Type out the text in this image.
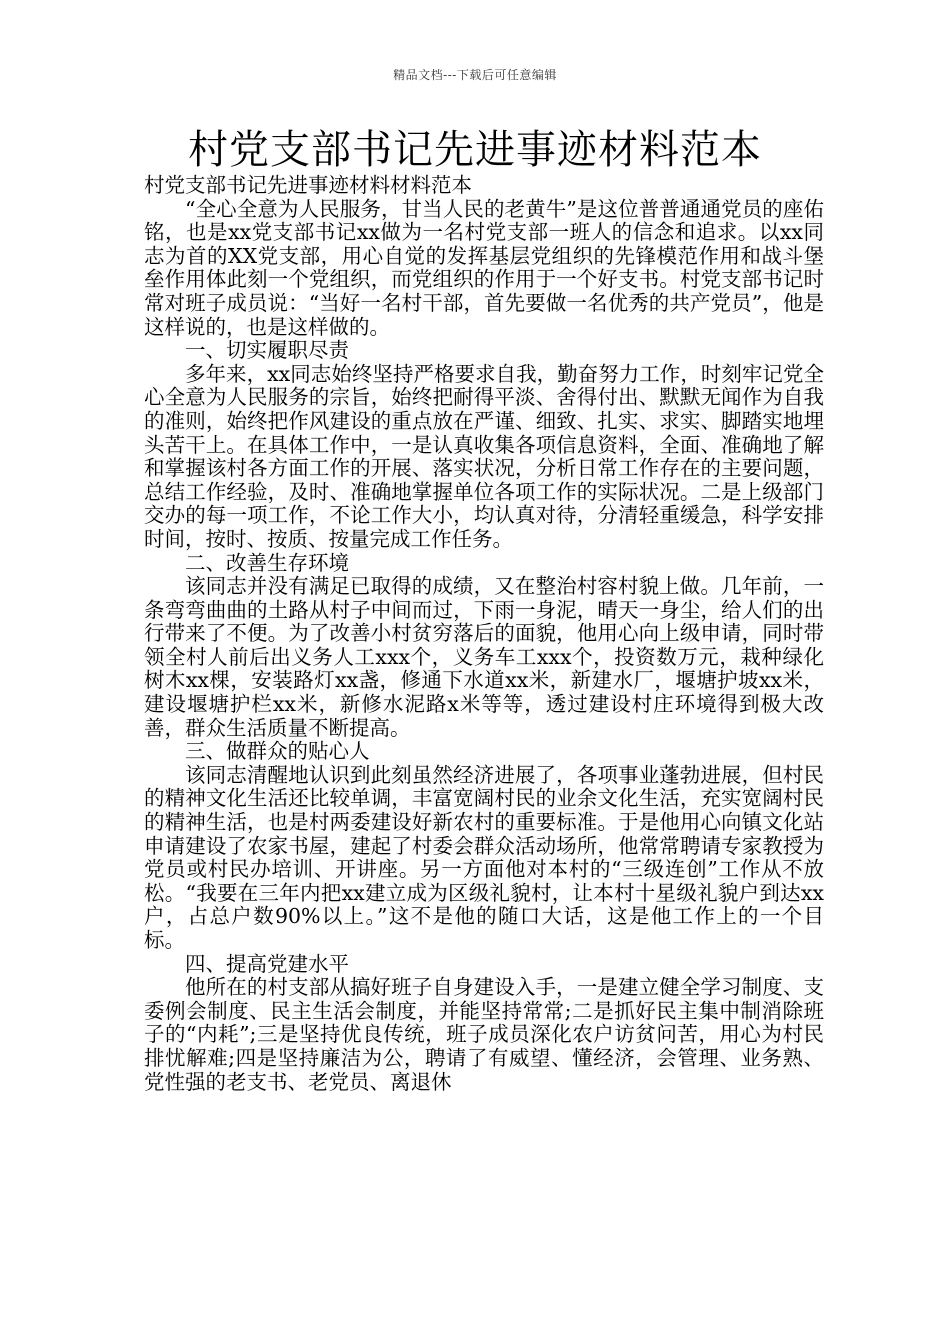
精品文档---下载后可任意编辑
村党支部书记先进事迹材料范本

村党支部书记先进事迹材料材料范本

“全心全意为人民服务，甘当人民的老黄牛”是这位普普通通党员的座佑铭，也是xx党支部书记xx做为一名村党支部一班人的信念和追求。以xx同志为首的XX党支部，用心自觉的发挥基层党组织的先锋模范作用和战斗堡垒作用体此刻一个党组织，而党组织的作用于一个好支书。村党支部书记时常对班子成员说：“当好一名村干部，首先要做一名优秀的共产党员”，他是这样说的，也是这样做的。

一、切实履职尽责

多年来，xx同志始终坚持严格要求自我，勤奋努力工作，时刻牢记党全心全意为人民服务的宗旨，始终把耐得平淡、舍得付出、默默无闻作为自我的准则，始终把作风建设的重点放在严谨、细致、扎实、求实、脚踏实地埋头苦干上。在具体工作中，一是认真收集各项信息资料，全面、准确地了解和掌握该村各方面工作的开展、落实状况，分析日常工作存在的主要问题，总结工作经验，及时、准确地掌握单位各项工作的实际状况。二是上级部门交办的每一项工作，不论工作大小，均认真对待，分清轻重缓急，科学安排时间，按时、按质、按量完成工作任务。

二、改善生存环境

该同志并没有满足已取得的成绩，又在整治村容村貌上做。几年前，一条弯弯曲曲的土路从村子中间而过，下雨一身泥，晴天一身尘，给人们的出行带来了不便。为了改善小村贫穷落后的面貌，他用心向上级申请，同时带领全村人前后出义务人工xxx个，义务车工xxx个，投资数万元，栽种绿化树木xx棵，安装路灯xx盏，修通下水道xx米，新建水厂，堰塘护坡xx米，建设堰塘护栏xx米，新修水泥路x米等等，透过建设村庄环境得到极大改善，群众生活质量不断提高。

三、做群众的贴心人

该同志清醒地认识到此刻虽然经济进展了，各项事业蓬勃进展，但村民的精神文化生活还比较单调，丰富宽阔村民的业余文化生活，充实宽阔村民的精神生活，也是村两委建设好新农村的重要标准。于是他用心向镇文化站申请建设了农家书屋，建起了村委会群众活动场所，他常常聘请专家教授为党员或村民办培训、开讲座。另一方面他对本村的“三级连创”工作从不放松。“我要在三年内把xx建立成为区级礼貌村，让本村十星级礼貌户到达xx户，占总户数90%以上。”这不是他的随口大话，这是他工作上的一个目标。

四、提高党建水平

他所在的村支部从搞好班子自身建设入手，一是建立健全学习制度、支委例会制度、民主生活会制度，并能坚持常常;二是抓好民主集中制消除班子的“内耗”;三是坚持优良传统，班子成员深化农户访贫问苦，用心为村民排忧解难;四是坚持廉洁为公，聘请了有威望、懂经济，会管理、业务熟、党性强的老支书、老党员、离退休
